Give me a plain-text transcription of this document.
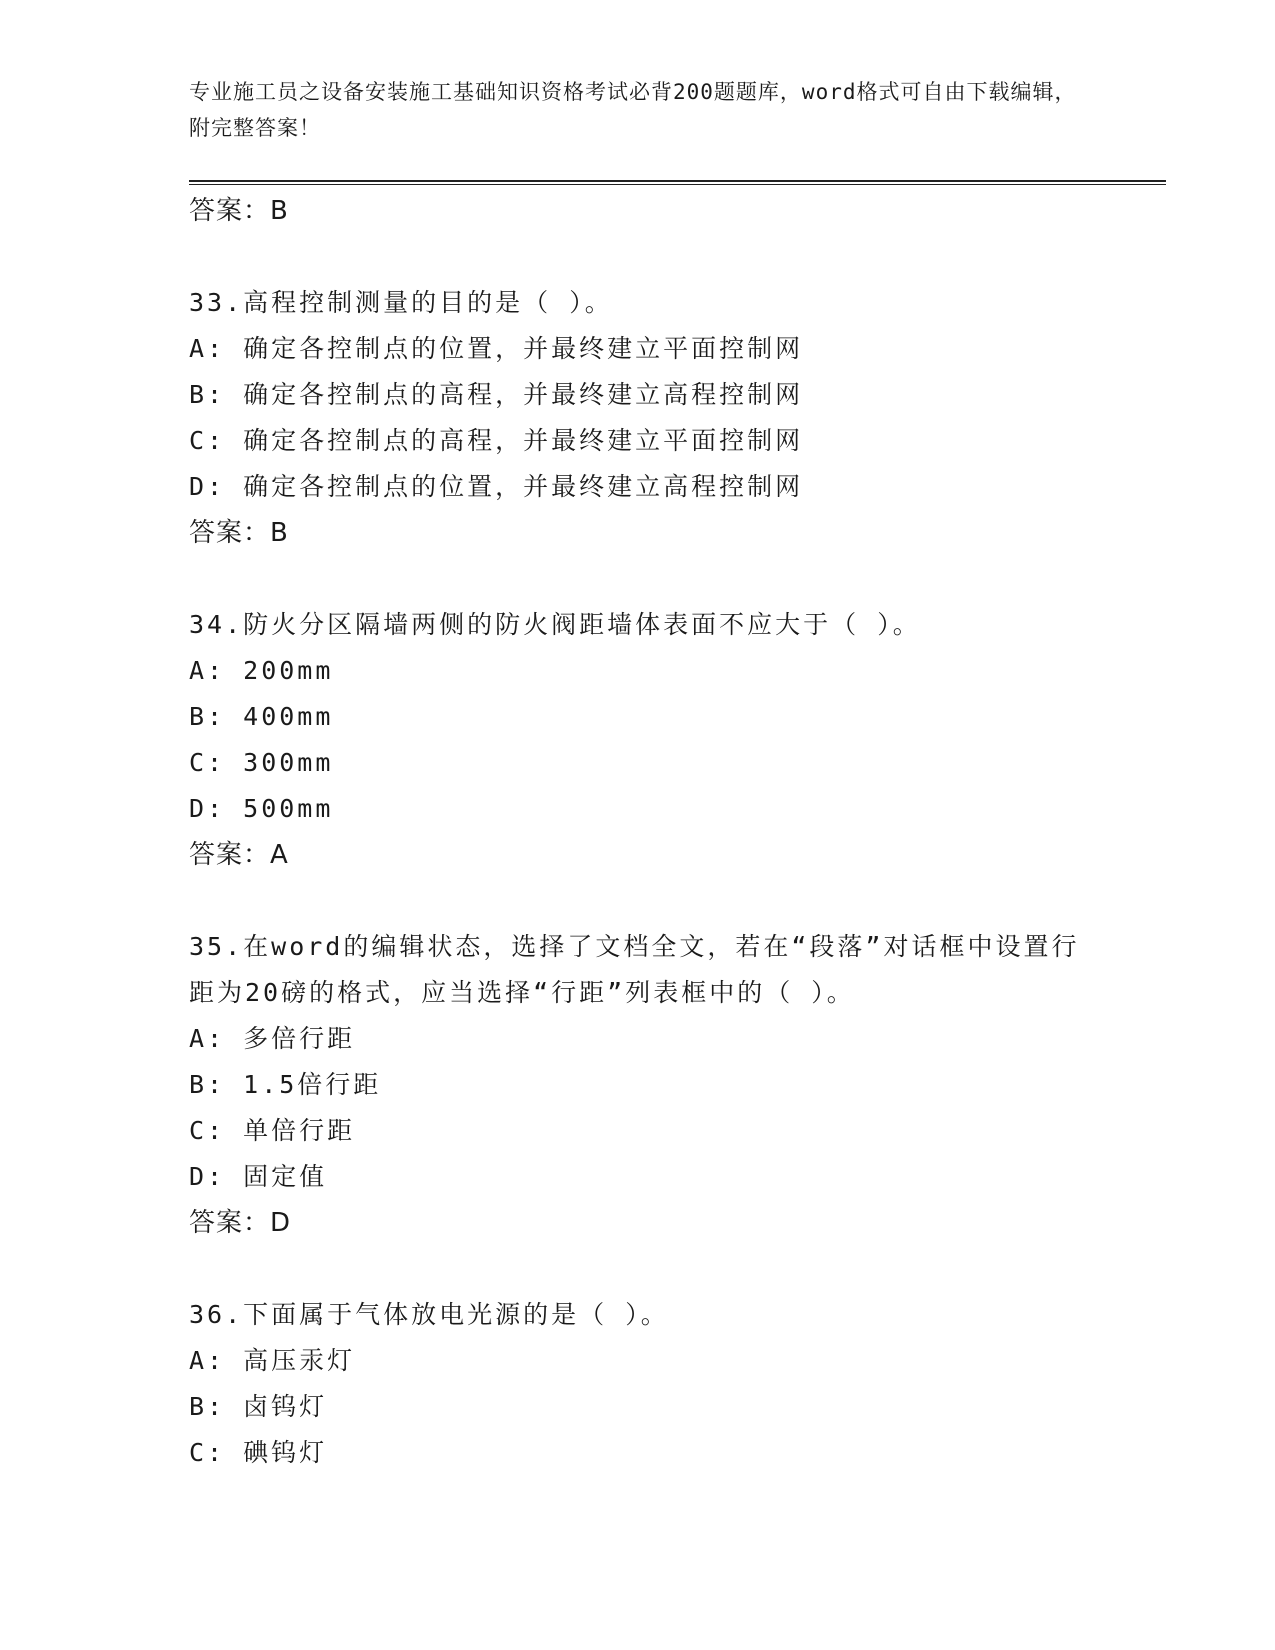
专业施工员之设备安装施工基础知识资格考试必背200题题库，word格式可自由下载编辑，附完整答案！
答案：B
33.高程控制测量的目的是（ ）。
A: 确定各控制点的位置，并最终建立平面控制网
B: 确定各控制点的高程，并最终建立高程控制网
C: 确定各控制点的高程，并最终建立平面控制网
D: 确定各控制点的位置，并最终建立高程控制网
答案：B
34.防火分区隔墙两侧的防火阀距墙体表面不应大于（ ）。
A: 200mm
B: 400mm
C: 300mm
D: 500mm
答案：A
35.在word的编辑状态，选择了文档全文，若在“段落”对话框中设置行距为20磅的格式，应当选择“行距”列表框中的（ ）。
A: 多倍行距
B: 1.5倍行距
C: 单倍行距
D: 固定值
答案：D
36.下面属于气体放电光源的是（ ）。
A: 高压汞灯
B: 卤钨灯
C: 碘钨灯
